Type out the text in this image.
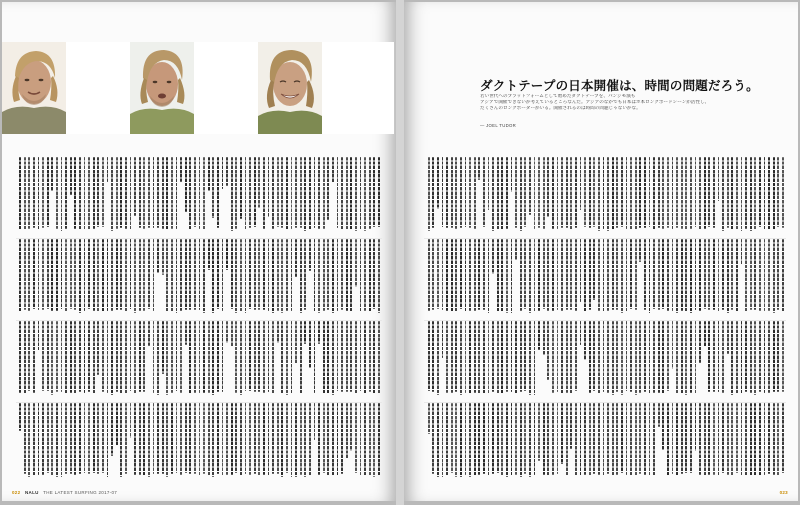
022 NALU THE LATEST SURFING 2017-07
ダクトテープの日本開催は、時間の問題だろう。
若い世代へのプラットフォームとして始めたダクトテープを、パンジモ演も
アジアで開催できないか考えているところなんだ。アジアのなかでも日本はホ本ロングボードシーンが活性し、
たくさんのロングボーダーがいる。開催されるのは時間の問題じゃないかな。

— JOEL TUDOR

023
